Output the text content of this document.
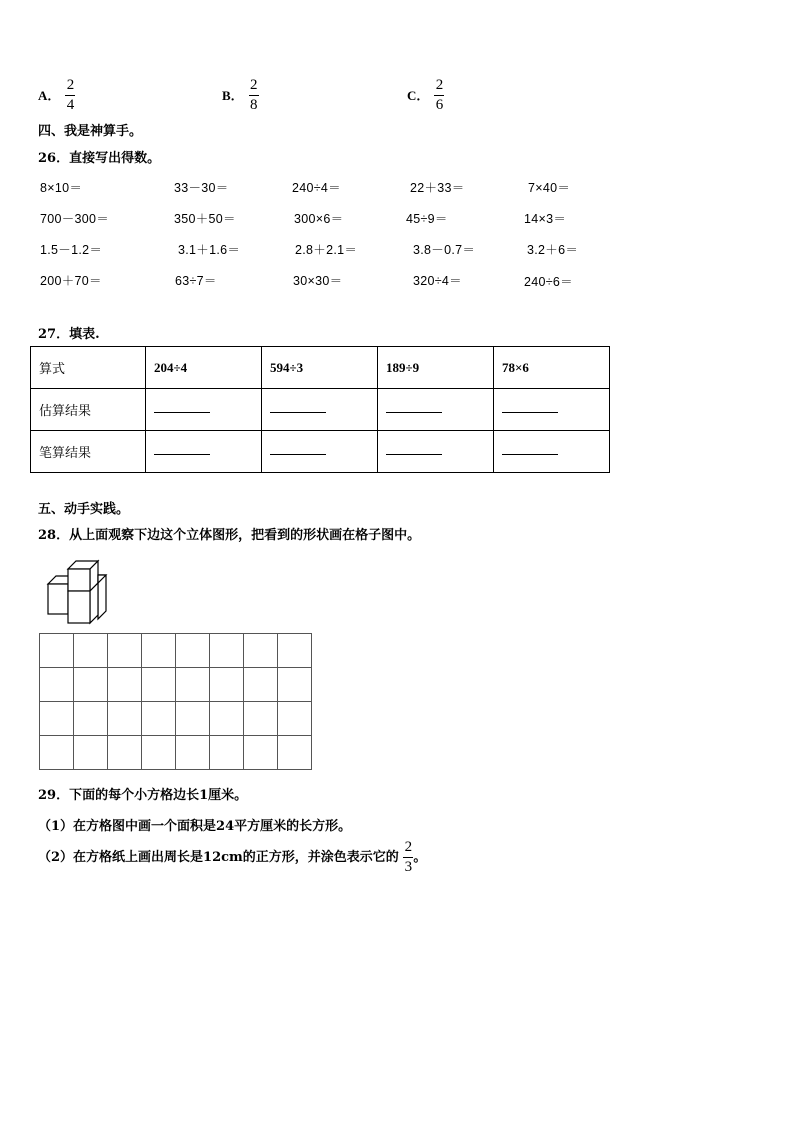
A． $\frac{2}{4}$	B． $\frac{2}{8}$	C． $\frac{2}{6}$
四、我是神算手。
26．直接写出得数。
8×10＝	33－30＝	240÷4＝	22＋33＝	7×40＝
700－300＝	350＋50＝	300×6＝	45÷9＝	14×3＝
1.5－1.2＝	3.1＋1.6＝	2.8＋2.1＝	3.8－0.7＝	3.2＋6＝
200＋70＝	63÷7＝	30×30＝	320÷4＝	240÷6＝
27．填表.
算式	204÷4	594÷3	189÷9	78×6
估算结果				
笔算结果				
五、动手实践。
28．从上面观察下边这个立体图形，把看到的形状画在格子图中。
29．下面的每个小方格边长1厘米。
（1）在方格图中画一个面积是24平方厘米的长方形。
（2）在方格纸上画出周长是12cm的正方形，并涂色表示它的 $\frac{2}{3}$ 。
